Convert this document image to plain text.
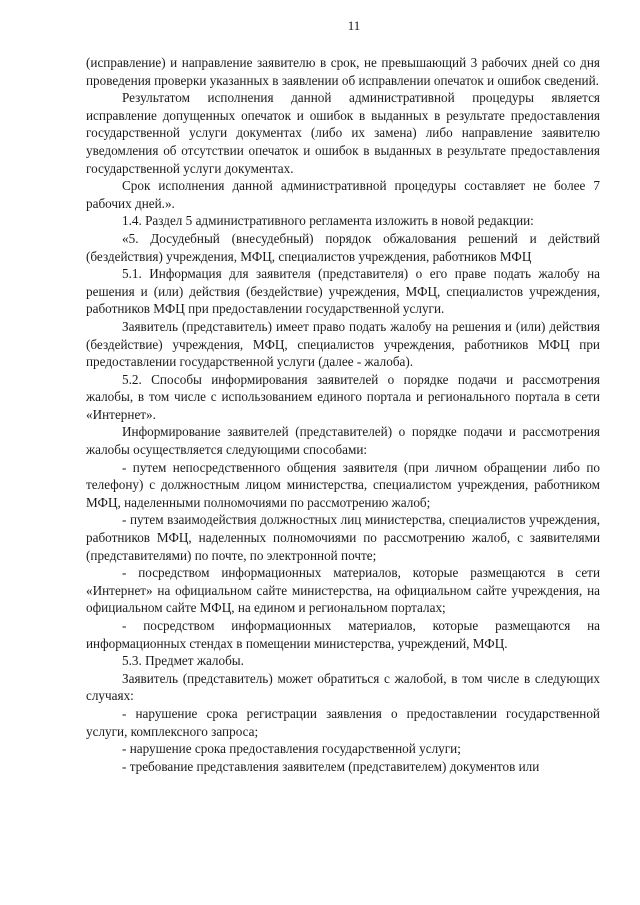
11

(исправление) и направление заявителю в срок, не превышающий 3 рабочих дней со дня проведения проверки указанных в заявлении об исправлении опечаток и ошибок сведений.

Результатом исполнения данной административной процедуры является исправление допущенных опечаток и ошибок в выданных в результате предоставления государственной услуги документах (либо их замена) либо направление заявителю уведомления об отсутствии опечаток и ошибок в выданных в результате предоставления государственной услуги документах.

Срок исполнения данной административной процедуры составляет не более 7 рабочих дней.».

1.4. Раздел 5 административного регламента изложить в новой редакции:

«5. Досудебный (внесудебный) порядок обжалования решений и действий (бездействия) учреждения, МФЦ, специалистов учреждения, работников МФЦ

5.1. Информация для заявителя (представителя) о его праве подать жалобу на решения и (или) действия (бездействие) учреждения, МФЦ, специалистов учреждения, работников МФЦ при предоставлении государственной услуги.

Заявитель (представитель) имеет право подать жалобу на решения и (или) действия (бездействие) учреждения, МФЦ, специалистов учреждения, работников МФЦ при предоставлении государственной услуги (далее - жалоба).

5.2. Способы информирования заявителей о порядке подачи и рассмотрения жалобы, в том числе с использованием единого портала и регионального портала в сети «Интернет».

Информирование заявителей (представителей) о порядке подачи и рассмотрения жалобы осуществляется следующими способами:

- путем непосредственного общения заявителя (при личном обращении либо по телефону) с должностным лицом министерства, специалистом учреждения, работником МФЦ, наделенными полномочиями по рассмотрению жалоб;

- путем взаимодействия должностных лиц министерства, специалистов учреждения, работников МФЦ, наделенных полномочиями по рассмотрению жалоб, с заявителями (представителями) по почте, по электронной почте;

- посредством информационных материалов, которые размещаются в сети «Интернет» на официальном сайте министерства, на официальном сайте учреждения, на официальном сайте МФЦ, на едином и региональном порталах;

- посредством информационных материалов, которые размещаются на информационных стендах в помещении министерства, учреждений, МФЦ.

5.3. Предмет жалобы.

Заявитель (представитель) может обратиться с жалобой, в том числе в следующих случаях:

- нарушение срока регистрации заявления о предоставлении государственной услуги, комплексного запроса;

- нарушение срока предоставления государственной услуги;

- требование представления заявителем (представителем) документов или
